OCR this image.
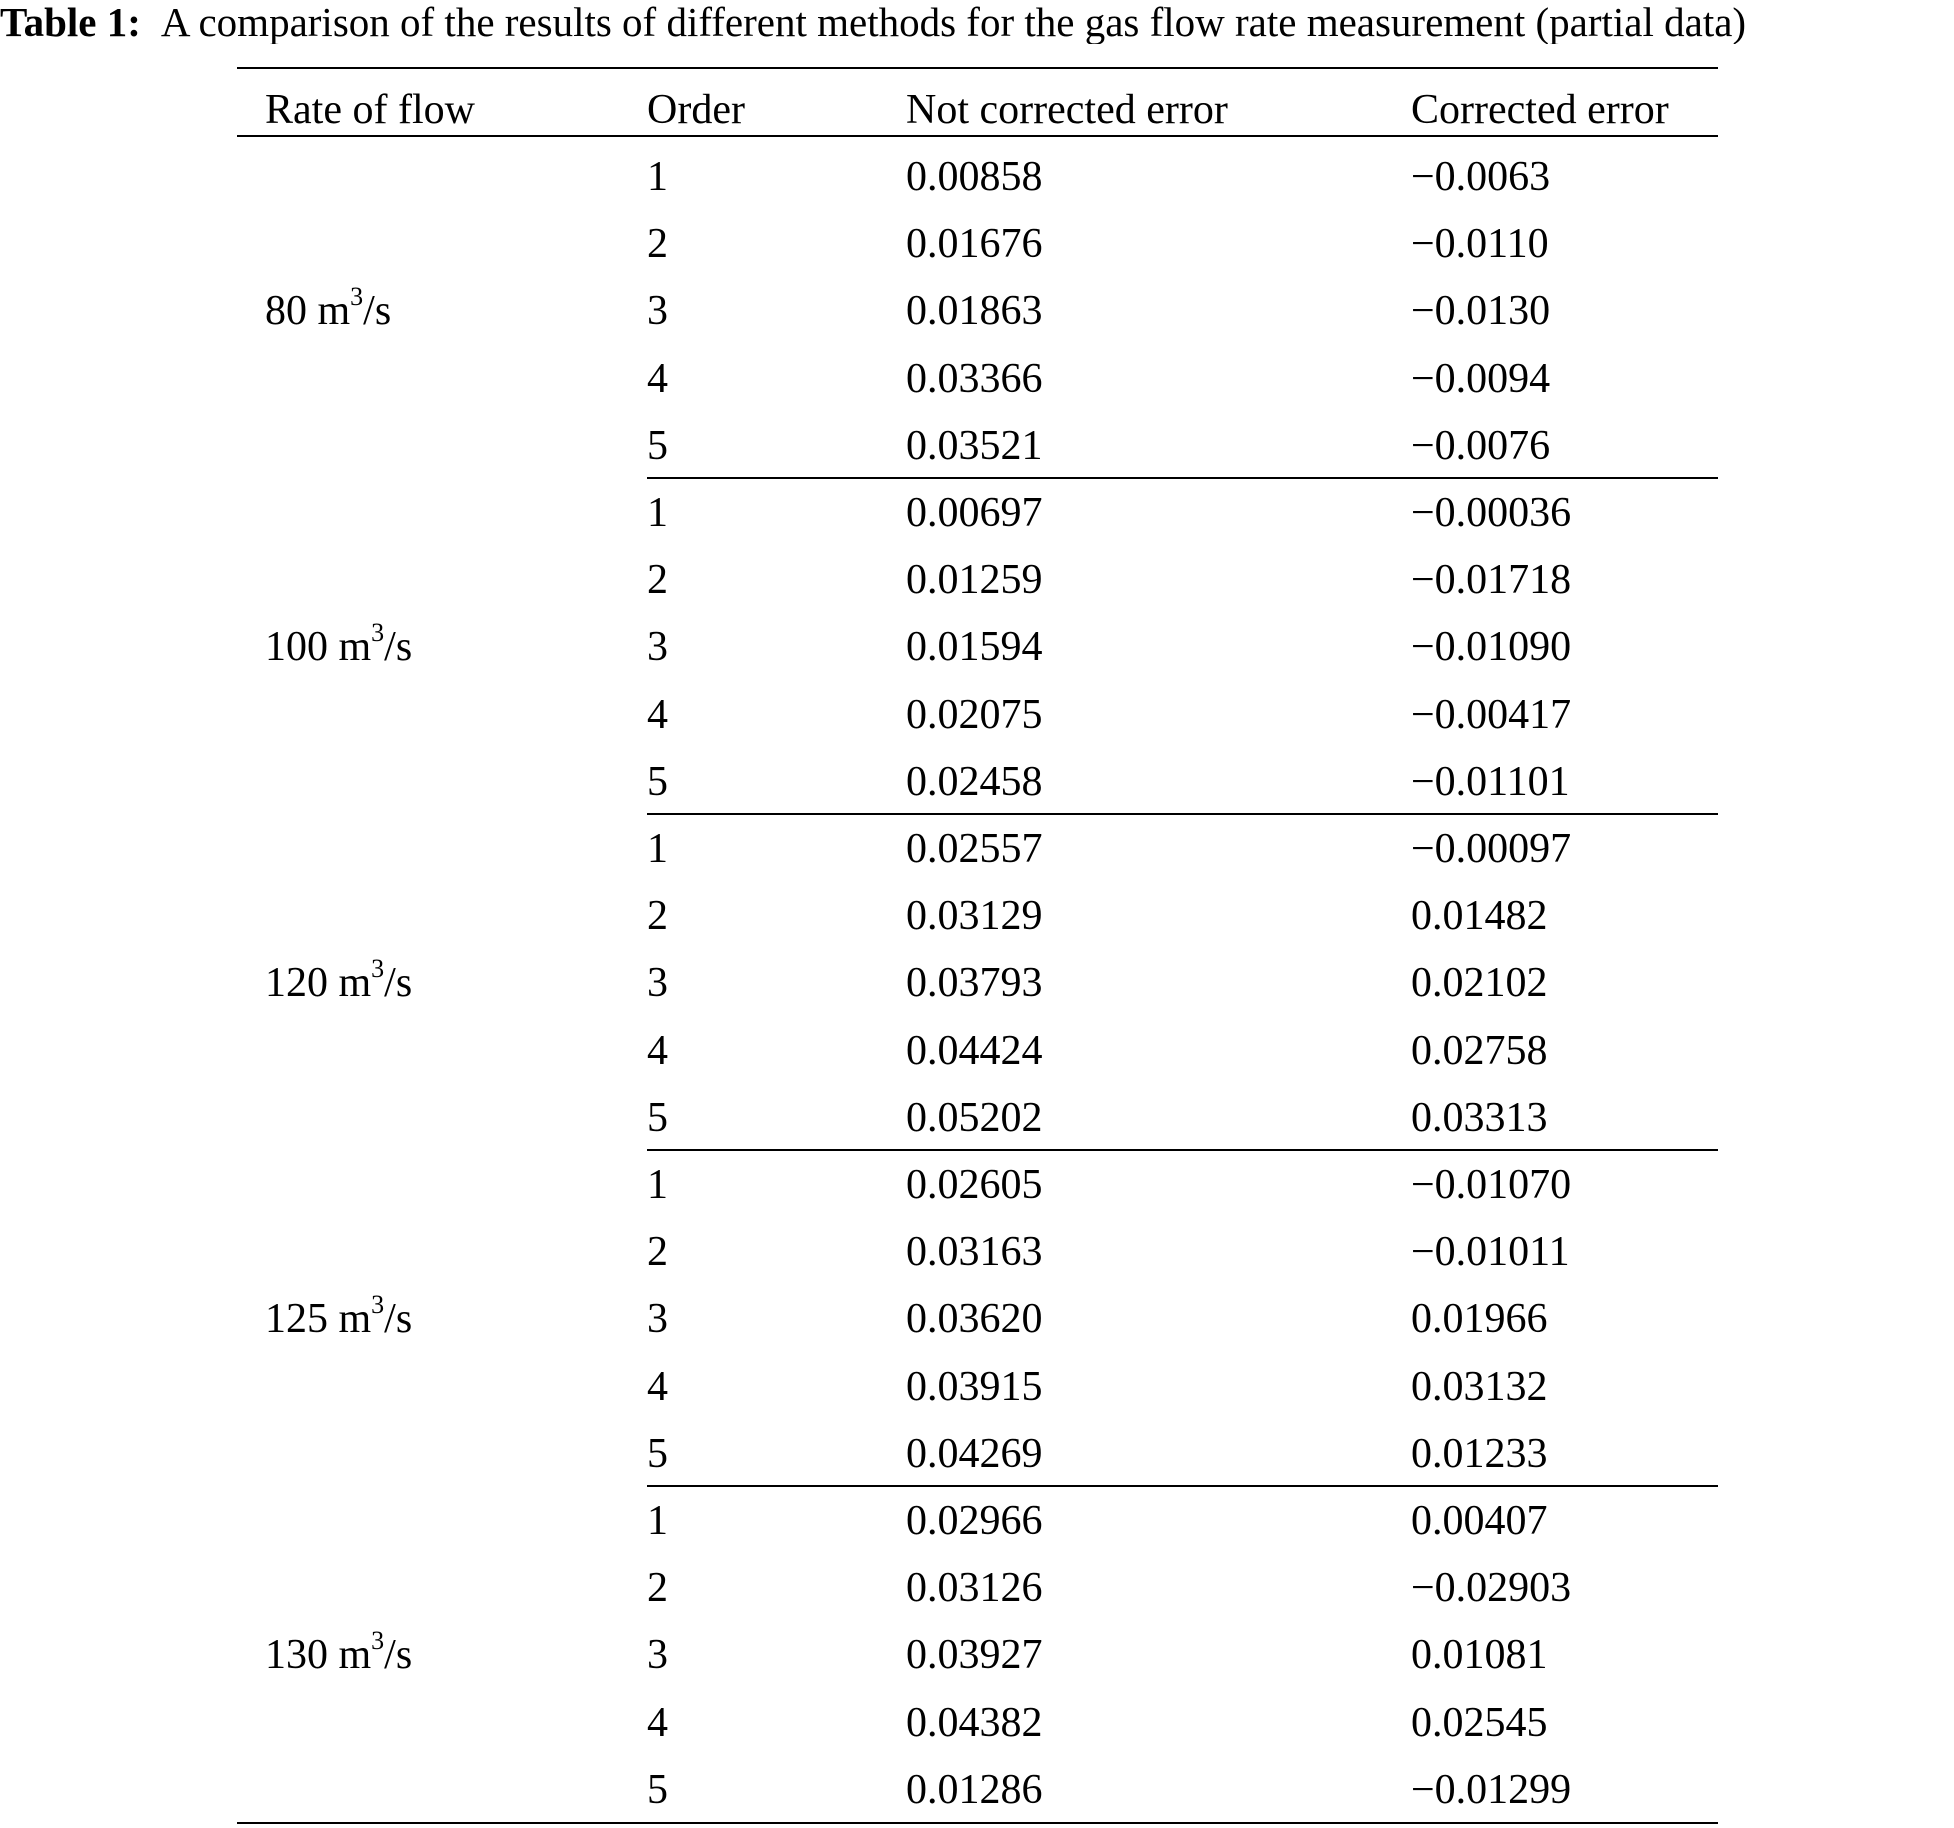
Table 1: A comparison of the results of different methods for the gas flow rate measurement (partial data)
Rate of flow	Order	Not corrected error	Corrected error
80 $m^3/s$
1	0.00858	−0.0063
2	0.01676	−0.0110
3	0.01863	−0.0130
4	0.03366	−0.0094
5	0.03521	−0.0076
100 $m^3/s$
1	0.00697	−0.00036
2	0.01259	−0.01718
3	0.01594	−0.01090
4	0.02075	−0.00417
5	0.02458	−0.01101
120 $m^3/s$
1	0.02557	−0.00097
2	0.03129	0.01482
3	0.03793	0.02102
4	0.04424	0.02758
5	0.05202	0.03313
125 $m^3/s$
1	0.02605	−0.01070
2	0.03163	−0.01011
3	0.03620	0.01966
4	0.03915	0.03132
5	0.04269	0.01233
130 $m^3/s$
1	0.02966	0.00407
2	0.03126	−0.02903
3	0.03927	0.01081
4	0.04382	0.02545
5	0.01286	−0.01299
